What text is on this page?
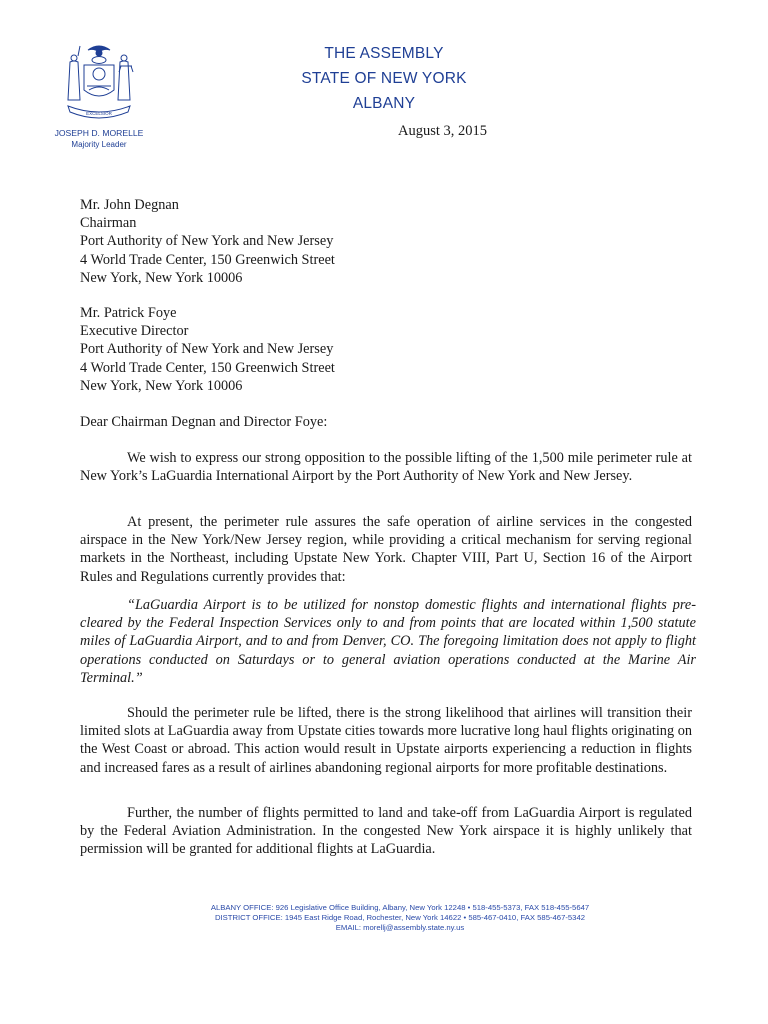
EXCELSIOR
THE ASSEMBLY
STATE OF NEW YORK
ALBANY
JOSEPH D. MORELLE
Majority Leader
August 3, 2015
Mr. John Degnan
Chairman
Port Authority of New York and New Jersey
4 World Trade Center, 150 Greenwich Street
New York, New York 10006
Mr. Patrick Foye
Executive Director
Port Authority of New York and New Jersey
4 World Trade Center, 150 Greenwich Street
New York, New York 10006
Dear Chairman Degnan and Director Foye:

We wish to express our strong opposition to the possible lifting of the 1,500 mile perimeter rule at New York’s LaGuardia International Airport by the Port Authority of New York and New Jersey.

At present, the perimeter rule assures the safe operation of airline services in the congested airspace in the New York/New Jersey region, while providing a critical mechanism for serving regional markets in the Northeast, including Upstate New York. Chapter VIII, Part U, Section 16 of the Airport Rules and Regulations currently provides that:

“LaGuardia Airport is to be utilized for nonstop domestic flights and international flights pre-cleared by the Federal Inspection Services only to and from points that are located within 1,500 statute miles of LaGuardia Airport, and to and from Denver, CO. The foregoing limitation does not apply to flight operations conducted on Saturdays or to general aviation operations conducted at the Marine Air Terminal.”

Should the perimeter rule be lifted, there is the strong likelihood that airlines will transition their limited slots at LaGuardia away from Upstate cities towards more lucrative long haul flights originating on the West Coast or abroad. This action would result in Upstate airports experiencing a reduction in flights and increased fares as a result of airlines abandoning regional airports for more profitable destinations.

Further, the number of flights permitted to land and take-off from LaGuardia Airport is regulated by the Federal Aviation Administration. In the congested New York airspace it is highly unlikely that permission will be granted for additional flights at LaGuardia.

ALBANY OFFICE: 926 Legislative Office Building, Albany, New York 12248 • 518-455-5373, FAX 518-455-5647
DISTRICT OFFICE: 1945 East Ridge Road, Rochester, New York 14622 • 585-467-0410, FAX 585-467-5342
EMAIL: morellj@assembly.state.ny.us
